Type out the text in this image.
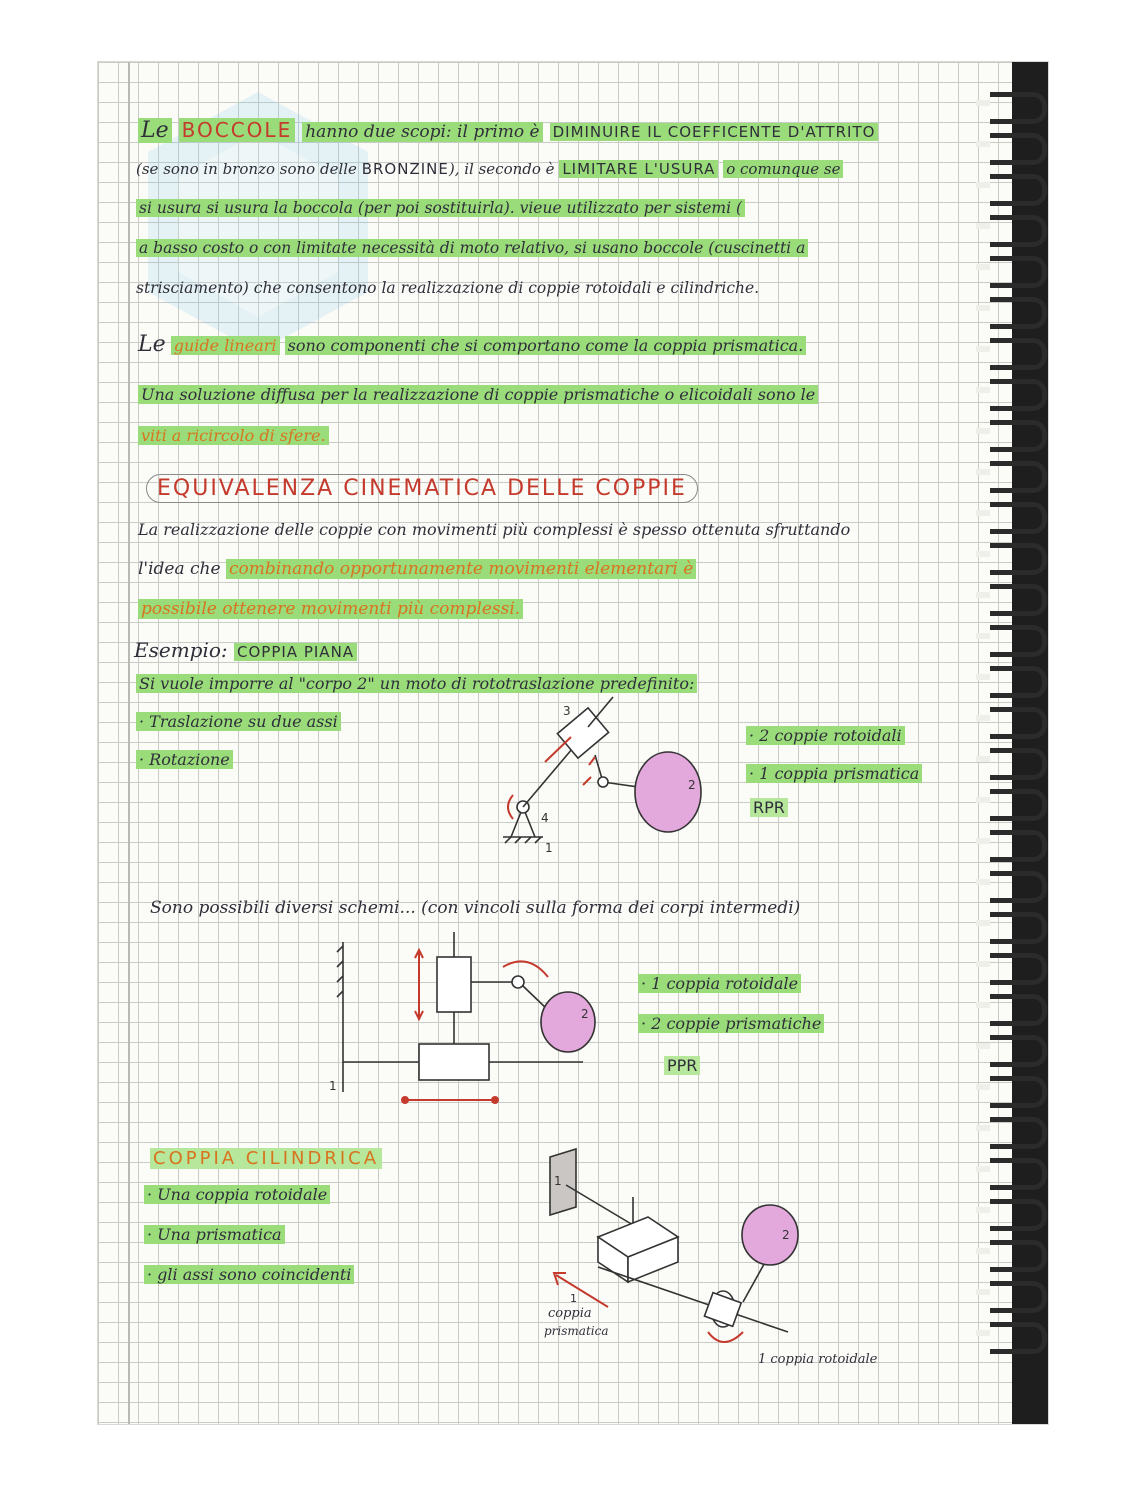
Le BOCCOLE hanno due scopi: il primo è DIMINUIRE IL COEFFICENTE D'ATTRITO
(se sono in bronzo sono delle BRONZINE), il secondo è LIMITARE L'USURA o comunque se
si usura si usura la boccola (per poi sostituirla). vieue utilizzato per sistemi (
a basso costo o con limitate necessità di moto relativo, si usano boccole (cuscinetti a
strisciamento) che consentono la realizzazione di coppie rotoidali e cilindriche.
Le guide lineari sono componenti che si comportano come la coppia prismatica.
Una soluzione diffusa per la realizzazione di coppie prismatiche o elicoidali sono le
viti a ricircolo di sfere.
EQUIVALENZA CINEMATICA DELLE COPPIE
La realizzazione delle coppie con movimenti più complessi è spesso ottenuta sfruttando
l'idea che combinando opportunamente movimenti elementari è
possibile ottenere movimenti più complessi.
Esempio: COPPIA PIANA
Si vuole imporre al "corpo 2" un moto di rototraslazione predefinito:
· Traslazione su due assi
· Rotazione
· 2 coppie rotoidali
· 1 coppia prismatica
RPR
3
4
2
1
Sono possibili diversi schemi... (con vincoli sulla forma dei corpi intermedi)
· 1 coppia rotoidale
· 2 coppie prismatiche
PPR
1
2
COPPIA CILINDRICA
· Una coppia rotoidale
· Una prismatica
· gli assi sono coincidenti
1
coppia
prismatica
1 coppia rotoidale
1
2
